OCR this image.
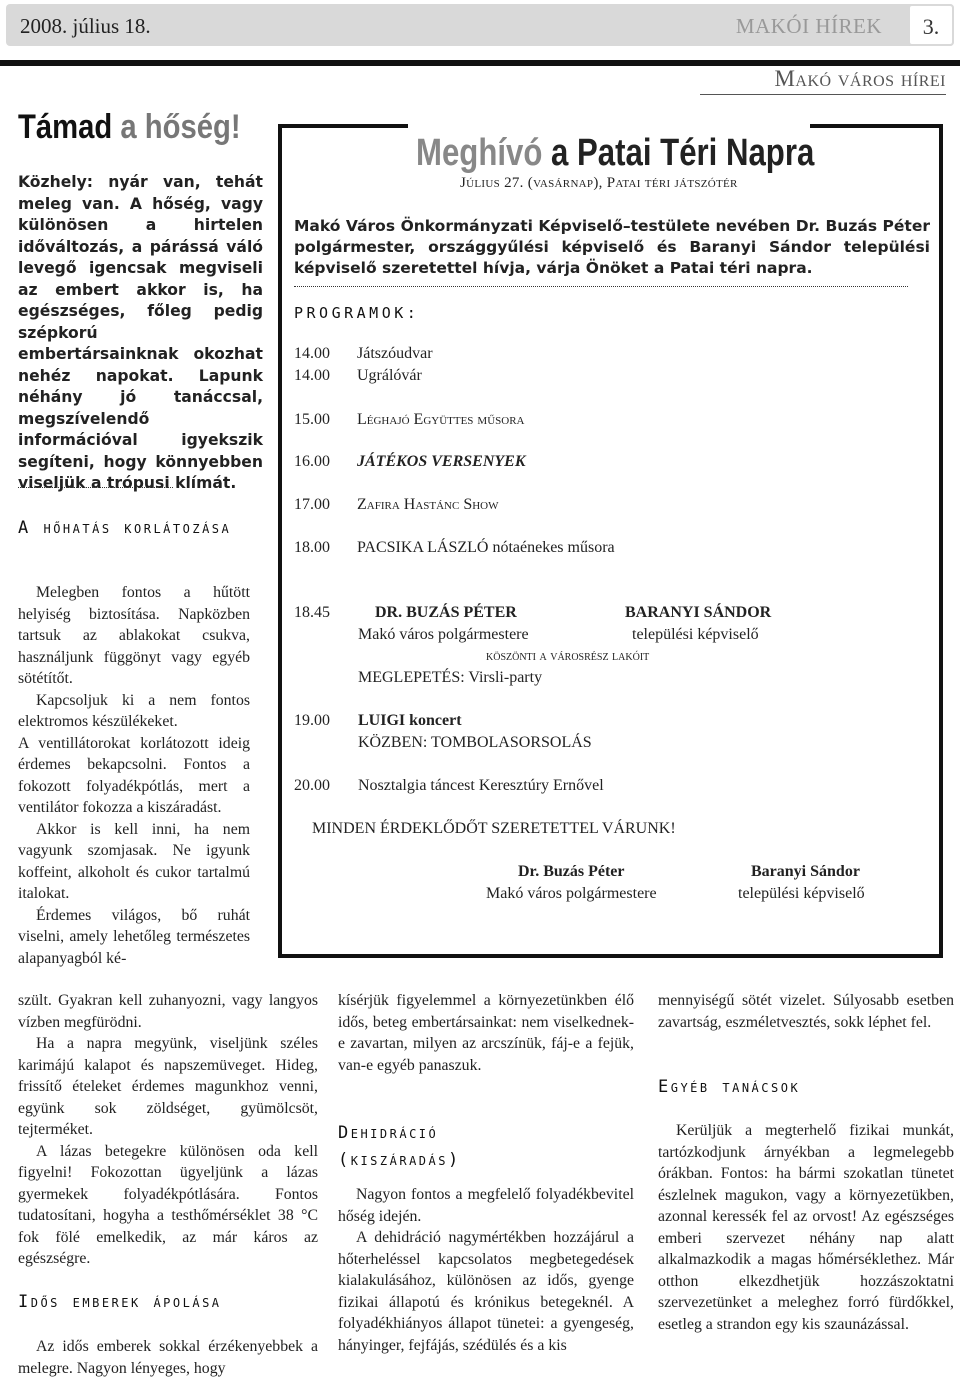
2008. július 18.	MAKÓI HÍREK	3.
Makó város hírei
Támad a hőség!
Közhely: nyár van, tehát meleg van. A hőség, vagy különösen a hirtelen időváltozás, a párássá váló levegő igencsak megviseli az embert akkor is, ha egészséges, főleg pedig szépkorú embertársainknak okozhat nehéz napokat. Lapunk néhány jó tanáccsal, megszívelendő információval igyekszik segíteni, hogy könnyebben viseljük a trópusi klímát.
A hőhatás korlátozása

Melegben fontos a hűtött helyiség biztosítása. Napközben tartsuk az ablakokat csukva, használjunk függönyt vagy egyéb sötétítőt.

Kapcsoljuk ki a nem fontos elektromos készülékeket.

A ventillátorokat korlátozott ideig érdemes bekapcsolni. Fontos a fokozott folyadékpótlás, mert a ventilátor fokozza a kiszáradást.

Akkor is kell inni, ha nem vagyunk szomjasak. Ne igyunk koffeint, alkoholt és cukor tartalmú italokat.

Érdemes világos, bő ruhát viselni, amely lehetőleg természetes alapanyagból ké-

szült. Gyakran kell zuhanyozni, vagy langyos vízben megfürödni.

Ha a napra megyünk, viseljünk széles karimájú kalapot és napszemüveget. Hideg, frissítő ételeket érdemes magunkhoz venni, együnk sok zöldséget, gyümölcsöt, tejterméket.

A lázas betegekre különösen oda kell figyelni! Fokozottan ügyeljünk a lázas gyermekek folyadékpótlására. Fontos tudatosítani, hogyha a testhőmérséklet 38 °C fok fölé emelkedik, az már káros az egészségre.

Idős emberek ápolása

Az idős emberek sokkal érzékenyebbek a melegre. Nagyon lényeges, hogy

kísérjük figyelemmel a környezetünkben élő idős, beteg embertársainkat: nem viselkednek-e zavartan, milyen az arcszínük, fáj-e a fejük, van-e egyéb panaszuk.

Dehidráció
(kiszáradás)

Nagyon fontos a megfelelő folyadékbevitel hőség idején.

A dehidráció nagymértékben hozzájárul a hőterheléssel kapcsolatos megbetegedések kialakulásához, különösen az idős, gyenge fizikai állapotú és krónikus betegeknél. A folyadékhiányos állapot tünetei: a gyengeség, hányinger, fejfájás, szédülés és a kis

mennyiségű sötét vizelet. Súlyosabb esetben zavartság, eszméletvesztés, sokk léphet fel.

Egyéb tanácsok

Kerüljük a megterhelő fizikai munkát, tartózkodjunk árnyékban a legmelegebb órákban. Fontos: ha bármi szokatlan tünetet észlelnek magukon, vagy a környezetükben, azonnal keressék fel az orvost! Az egészséges emberi szervezet néhány nap alatt alkalmazkodik a magas hőmérséklethez. Már otthon elkezdhetjük hozzászoktatni szervezetünket a meleghez forró fürdőkkel, esetleg a strandon egy kis szaunázással.

Meghívó a Patai Téri Napra
Július 27. (vasárnap), Patai téri játszótér
Makó Város Önkormányzati Képviselő–testülete nevében Dr. Buzás Péter polgármester, országgyűlési képviselő és Baranyi Sándor települési képviselő szeretettel hívja, várja Önöket a Patai téri napra.
PROGRAMOK:
14.00 Játszóudvar
14.00 Ugrálóvár
15.00 Léghajó Együttes műsora
16.00 JÁTÉKOS VERSENYEK
17.00 Zafira Hastánc Show
18.00 PACSIKA LÁSZLÓ nótaénekes műsora
18.45	DR. BUZÁS PÉTER	BARANYI SÁNDOR
Makó város polgármestere	települési képviselő
köszönti a városrész lakóit
MEGLEPETÉS: Virsli-party
19.00 LUIGI koncert
KÖZBEN: TOMBOLASORSOLÁS
20.00 Nosztalgia táncest Keresztúry Ernővel
MINDEN ÉRDEKLŐDŐT SZERETETTEL VÁRUNK!
Dr. Buzás Péter
Makó város polgármestere
Baranyi Sándor
települési képviselő
